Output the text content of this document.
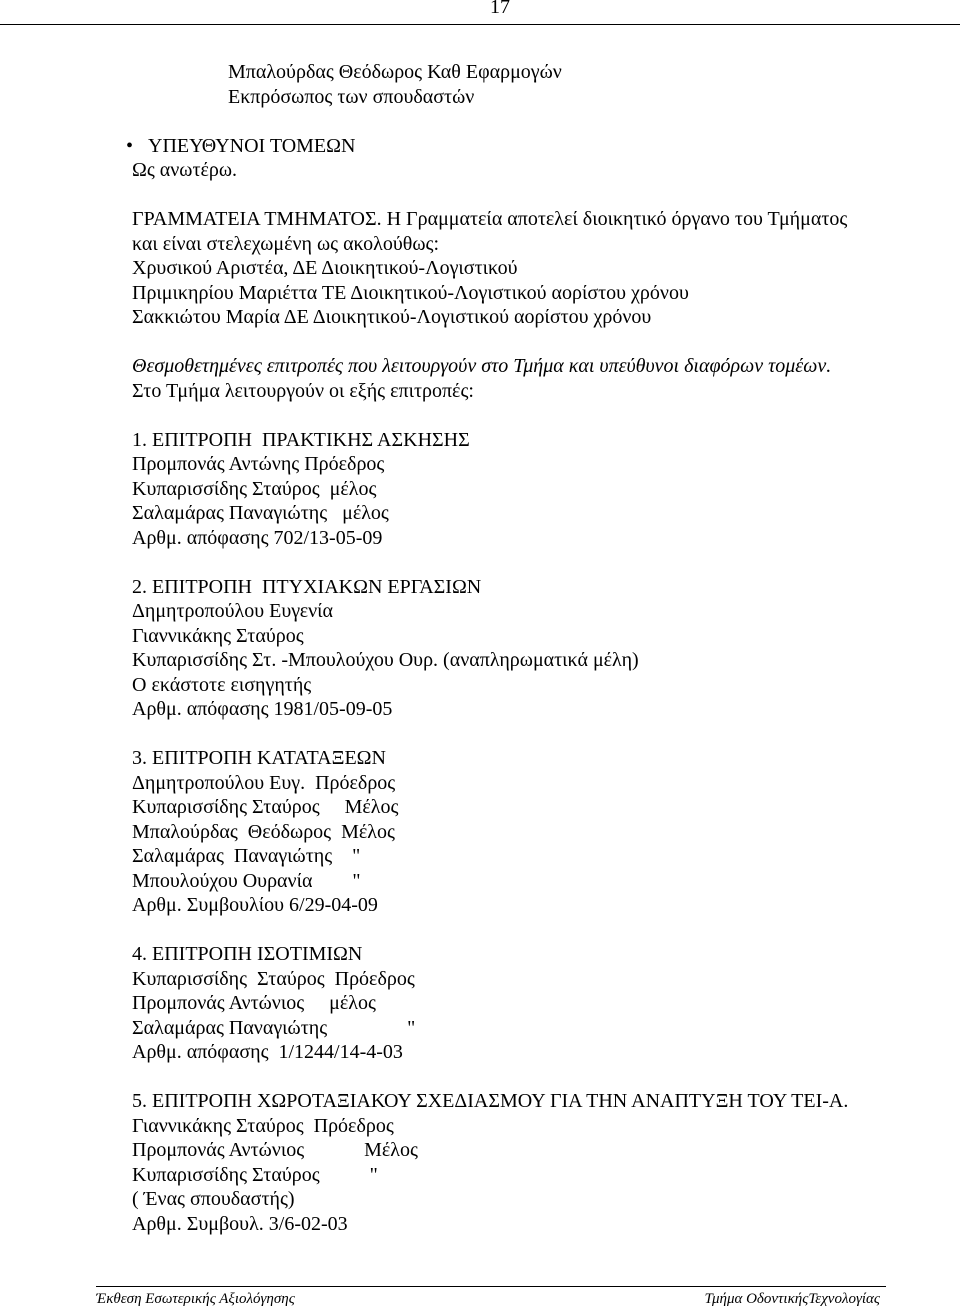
17
Μπαλούρδας Θεόδωρος Καθ Εφαρμογών
Εκπρόσωπος των σπουδαστών
• ΥΠΕΥΘΥΝΟΙ ΤΟΜΕΩΝ
Ως ανωτέρω.
ΓΡΑΜΜΑΤΕΙΑ ΤΜΗΜΑΤΟΣ. Η Γραμματεία αποτελεί διοικητικό όργανο του Τμήματος
και είναι στελεχωμένη ως ακολούθως:
Χρυσικού Αριστέα, ΔΕ Διοικητικού-Λογιστικού
Πριμικηρίου Μαριέττα ΤΕ Διοικητικού-Λογιστικού αορίστου χρόνου
Σακκιώτου Μαρία ΔΕ Διοικητικού-Λογιστικού αορίστου χρόνου
Θεσμοθετημένες επιτροπές που λειτουργούν στο Τμήμα και υπεύθυνοι διαφόρων τομέων.
Στο Τμήμα λειτουργούν οι εξής επιτροπές:
1. ΕΠΙΤΡΟΠΗ  ΠΡΑΚΤΙΚΗΣ ΑΣΚΗΣΗΣ
Προμπονάς Αντώνης Πρόεδρος
Κυπαρισσίδης Σταύρος  μέλος
Σαλαμάρας Παναγιώτης   μέλος
Αρθμ. απόφασης 702/13-05-09
2. ΕΠΙΤΡΟΠΗ  ΠΤΥΧΙΑΚΩΝ ΕΡΓΑΣΙΩΝ
Δημητροπούλου Ευγενία
Γιαννικάκης Σταύρος
Κυπαρισσίδης Στ. -Μπουλούχου Ουρ. (αναπληρωματικά μέλη)
Ο εκάστοτε εισηγητής
Αρθμ. απόφασης 1981/05-09-05
3. ΕΠΙΤΡΟΠΗ ΚΑΤΑΤΑΞΕΩΝ
Δημητροπούλου Ευγ.  Πρόεδρος
Κυπαρισσίδης Σταύρος     Μέλος
Μπαλούρδας  Θεόδωρος  Μέλος
Σαλαμάρας  Παναγιώτης    "
Μπουλούχου Ουρανία        "
Αρθμ. Συμβουλίου 6/29-04-09
4. ΕΠΙΤΡΟΠΗ ΙΣΟΤΙΜΙΩΝ
Κυπαρισσίδης  Σταύρος  Πρόεδρος
Προμπονάς Αντώνιος     μέλος
Σαλαμάρας Παναγιώτης                "
Αρθμ. απόφασης  1/1244/14-4-03
5. ΕΠΙΤΡΟΠΗ ΧΩΡΟΤΑΞΙΑΚΟΥ ΣΧΕΔΙΑΣΜΟΥ ΓΙΑ ΤΗΝ ΑΝΑΠΤΥΞΗ ΤΟΥ ΤΕΙ-Α.
Γιαννικάκης Σταύρος  Πρόεδρος
Προμπονάς Αντώνιος            Μέλος
Κυπαρισσίδης Σταύρος          "
( Ένας σπουδαστής)
Αρθμ. Συμβουλ. 3/6-02-03
Έκθεση Εσωτερικής Αξιολόγησης	Τμήμα ΟδοντικήςΤεχνολογίας
